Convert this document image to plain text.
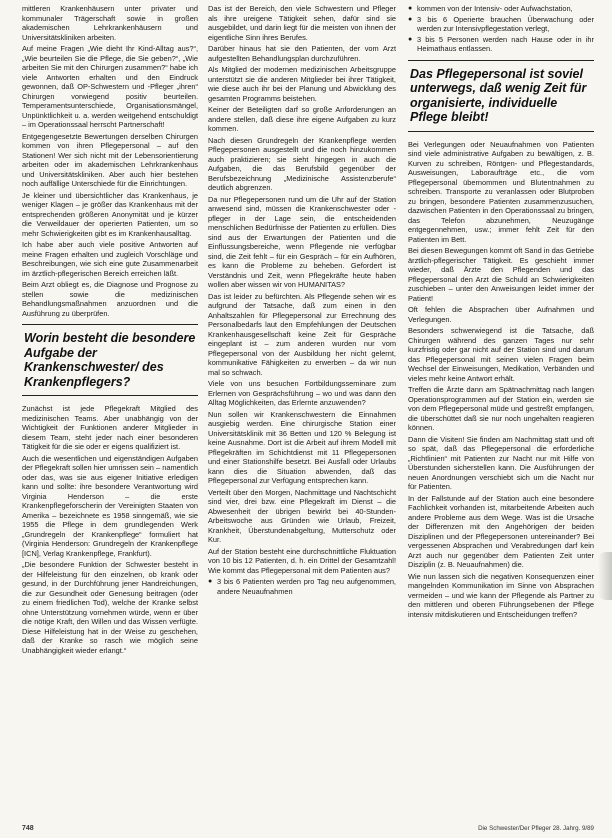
mittleren Krankenhäusern unter privater und kommunaler Trägerschaft sowie in großen akademischen Lehrkrankenhäusern und Universitätskliniken arbeiten.

Auf meine Fragen „Wie dieht Ihr Kind-Alltag aus?“, „Wie beurteilen Sie die Pflege, die Sie geben?“, „Wie arbeiten Sie mit den Chirurgen zusammen?“ habe ich viele Antworten erhalten und den Eindruck gewonnen, daß OP-Schwestern und -Pfleger „ihren“ Chirurgen vorwiegend positiv beurteilen. Temperamentsunterschiede, Organisationsmängel, Unpünktlichkeit u. a. werden weitgehend entschuldigt – im Operationssaal herrscht Partnerschaft!

Entgegengesetzte Bewertungen derselben Chirurgen kommen von ihren Pflegepersonal – auf den Stationen! Wer sich nicht mit der Lebensorientierung arbeiten oder im akademischen Lehrkrankenhaus und Universitätskliniken. Aber auch hier bestehen noch auffällige Unterschiede für die Einrichtungen.

Je kleiner und übersichtlicher das Krankenhaus, je weniger Klagen – je größer das Krankenhaus mit der entsprechenden größeren Anonymität und je kürzer die Verweildauer der operierten Patienten, um so mehr Schwierigkeiten gibt es im Krankenhausalltag.

Ich habe aber auch viele positive Antworten auf meine Fragen erhalten und zugleich Vorschläge und Beschreibungen, wie sich eine gute Zusammenarbeit im ärztlich-pflegerischen Bereich erreichen läßt.

Beim Arzt obliegt es, die Diagnose und Prognose zu stellen sowie die medizinischen Behandlungsmaßnahmen anzuordnen und die Ausführung zu überprüfen.

Worin besteht die besondere Aufgabe der Krankenschwester/ des Krankenpflegers?

Zunächst ist jede Pflegekraft Mitglied des medizinischen Teams. Aber unabhängig von der Wichtigkeit der Funktionen anderer Mitglieder in diesem Team, steht jeder nach einer besonderen Tätigkeit für die sie oder er eigens qualifiziert ist.

Auch die wesentlichen und eigenständigen Aufgaben der Pflegekraft sollen hier umrissen sein – namentlich oder das, was sie aus eigener Initiative erledigen kann und sollte: ihre besondere Verantwortung wird Virginia Henderson – die erste Krankenpflegeforscherin der Vereinigten Staaten von Amerika – bezeichnete es 1958 sinngemäß, wie sie 1955 die Pflege in dem grundlegenden Werk „Grundregeln der Krankenpflege“ formuliert hat (Virginia Henderson: Grundregeln der Krankenpflege [ICN], Verlag Krankenpflege, Frankfurt).

„Die besondere Funktion der Schwester besteht in der Hilfeleistung für den einzelnen, ob krank oder gesund, in der Durchführung jener Handreichungen, die zur Gesundheit oder Genesung beitragen (oder zu einem friedlichen Tod), welche der Kranke selbst ohne Unterstützung vornehmen würde, wenn er über die nötige Kraft, den Willen und das Wissen verfügte. Diese Hilfeleistung hat in der Weise zu geschehen, daß der Kranke so rasch wie möglich seine Unabhängigkeit wieder erlangt.“

Das ist der Bereich, den viele Schwestern und Pfleger als ihre ureigene Tätigkeit sehen, dafür sind sie ausgebildet, und darin liegt für die meisten von ihnen der eigentliche Sinn ihres Berufes.

Darüber hinaus hat sie den Patienten, der vom Arzt aufgestellten Behandlungsplan durchzuführen.

Als Mitglied der modernen medizinischen Arbeitsgruppe unterstützt sie die anderen Mitglieder bei ihrer Tätigkeit, wie diese auch ihr bei der Planung und Abwicklung des gesamten Programms beistehen.

Keiner der Beteiligten darf so große Anforderungen an andere stellen, daß diese ihre eigene Aufgaben zu kurz kommen.

Nach diesen Grundregeln der Krankenpflege werden Pflegepersonen ausgestellt und die noch hinzukommen auch praktizieren; sie sieht hingegen in auch die Aufgaben, die das Berufsbild gegenüber der Berufsbezeichnung „Medizinische Assistenzberufe“ deutlich abgrenzen.

Da nur Pflegepersonen rund um die Uhr auf der Station anwesend sind, müssen die Krankenschwester oder -pfleger in der Lage sein, die entscheidenden menschlichen Bedürfnisse der Patienten zu erfüllen. Dies sind aus der Erwartungen der Patienten und die Einflussungsbereiche, wenn Pflegende nie verfügbar sind, die Zeit fehlt – für ein Gespräch – für ein Aufhören, es kann die Probleme zu beheben. Gefordert ist Verständnis und Zeit, wenn Pflegekräfte heute haben wollen aber wissen wir von HUMANITAS?

Das ist leider zu befürchten. Als Pflegende sehen wir es aufgrund der Tatsache, daß zum einen in den Anhaltszahlen für Pflegepersonal zur Errechnung des Personalbedarfs laut den Empfehlungen der Deutschen Krankenhausgesellschaft keine Zeit für Gespräche eingeplant ist – zum anderen wurden nur vom Pflegepersonal von der Ausbildung her nicht gelernt, kommunikative Fähigkeiten zu erwerben – da wir nun mal so schwach.

Viele von uns besuchen Fortbildungsseminare zum Erlernen von Gesprächsführung – wo und was dann den Alltag Möglichkeiten, das Erlernte anzuwenden?

Nun sollen wir Krankenschwestern die Einnahmen ausgiebig werden. Eine chirurgische Station einer Universitätsklinik mit 36 Betten und 120 % Belegung ist keine Ausnahme. Dort ist die Arbeit auf ihrem Modell mit Pflegekräften im Schichtdienst mit 11 Pflegepersonen und einer Stationshilfe besetzt. Bei Ausfall oder Urlaubs kann dies die Situation abwenden, daß das Pflegepersonal zur Verfügung entsprechen kann.

Verteilt über den Morgen, Nachmittage und Nachtschicht sind vier, drei bzw. eine Pflegekraft im Dienst – die Abwesenheit der übrigen bewirkt bei 40-Stunden-Arbeitswoche aus Gründen wie Urlaub, Freizeit, Krankheit, Überstundenabgeltung, Mutterschutz oder Kur.

Auf der Station besteht eine durchschnittliche Fluktuation von 10 bis 12 Patienten, d. h. ein Drittel der Gesamtzahl! Wie kommt das Pflegepersonal mit dem Patienten aus?

● 3 bis 6 Patienten werden pro Tag neu aufgenommen, andere Neuaufnahmen
● kommen von der Intensiv- oder Aufwachstation,
● 3 bis 6 Operierte brauchen Überwachung oder werden zur Intensivpflegestation verlegt,
● 3 bis 5 Personen werden nach Hause oder in ihr Heimathaus entlassen.
Das Pflegepersonal ist soviel unterwegs, daß wenig Zeit für organisierte, individuelle Pflege bleibt!

Bei Verlegungen oder Neuaufnahmen von Patienten sind viele administrative Aufgaben zu bewältigen, z. B. Kurven zu schreiben, Röntgen- und Pflegestandards, Ausweisungen, Laboraufträge etc., die vom Pflegepersonal übernommen und Blutentnahmen zu schreiben. Transporte zu veranlassen oder Blutproben zu bringen, besondere Patienten zusammenzusuchen, dazwischen Patienten in den Operationssaal zu bringen, das Telefon abzunehmen, Neuzugänge entgegennehmen, usw.; immer fehlt Zeit für den Patienten im Bett.

Bei diesen Bewegungen kommt oft Sand in das Getriebe ärztlich-pflegerischer Tätigkeit. Es geschieht immer wieder, daß Ärzte den Pflegenden und das Pflegepersonal den Arzt die Schuld an Schwierigkeiten zuschieben – unter den Anweisungen leidet immer der Patient!

Oft fehlen die Absprachen über Aufnahmen und Verlegungen.

Besonders schwerwiegend ist die Tatsache, daß Chirurgen während des ganzen Tages nur sehr kurzfristig oder gar nicht auf der Station sind und darum das Pflegepersonal mit seinen vielen Fragen beim Wechsel der Einweisungen, Medikation, Verbänden und vieles mehr keine Antwort erhält.

Treffen die Ärzte dann am Spätnachmittag nach langen Operationsprogrammen auf der Station ein, werden sie von dem Pflegepersonal müde und gestreßt empfangen, die überschüttet daß sie nur noch ungehalten reagieren können.

Dann die Visiten! Sie finden am Nachmittag statt und oft so spät, daß das Pflegepersonal die erforderliche „Richtlinien“ mit Patienten zur Nacht nur mit Hilfe von Überstunden sicherstellen kann. Die Ausführungen der neuen Anordnungen verschiebt sich um die Nacht nur für Patienten.

In der Fallstunde auf der Station auch eine besondere Fachlichkeit vorhanden ist, mitarbeitende Arbeiten auch andere Probleme aus dem Wege. Was ist die Ursache der Differenzen mit den Angehörigen der beiden Disziplinen und der Pflegepersonen untereinander? Bei vergessenen Absprachen und Verabredungen darf kein Arzt auch nur gegenüber dem Patienten Zeit unter Disziplin (z. B. Neuaufnahmen) die.

Wie nun lassen sich die negativen Konsequenzen einer mangelnden Kommunikation im Sinne von Absprachen vermeiden – und wie kann der Pflegende als Partner zu den mittleren und oberen Führungsebenen der Pflege intensiv mitdiskutieren und Entscheidungen treffen?

748	Die Schwester/Der Pfleger 28. Jahrg. 9/89
